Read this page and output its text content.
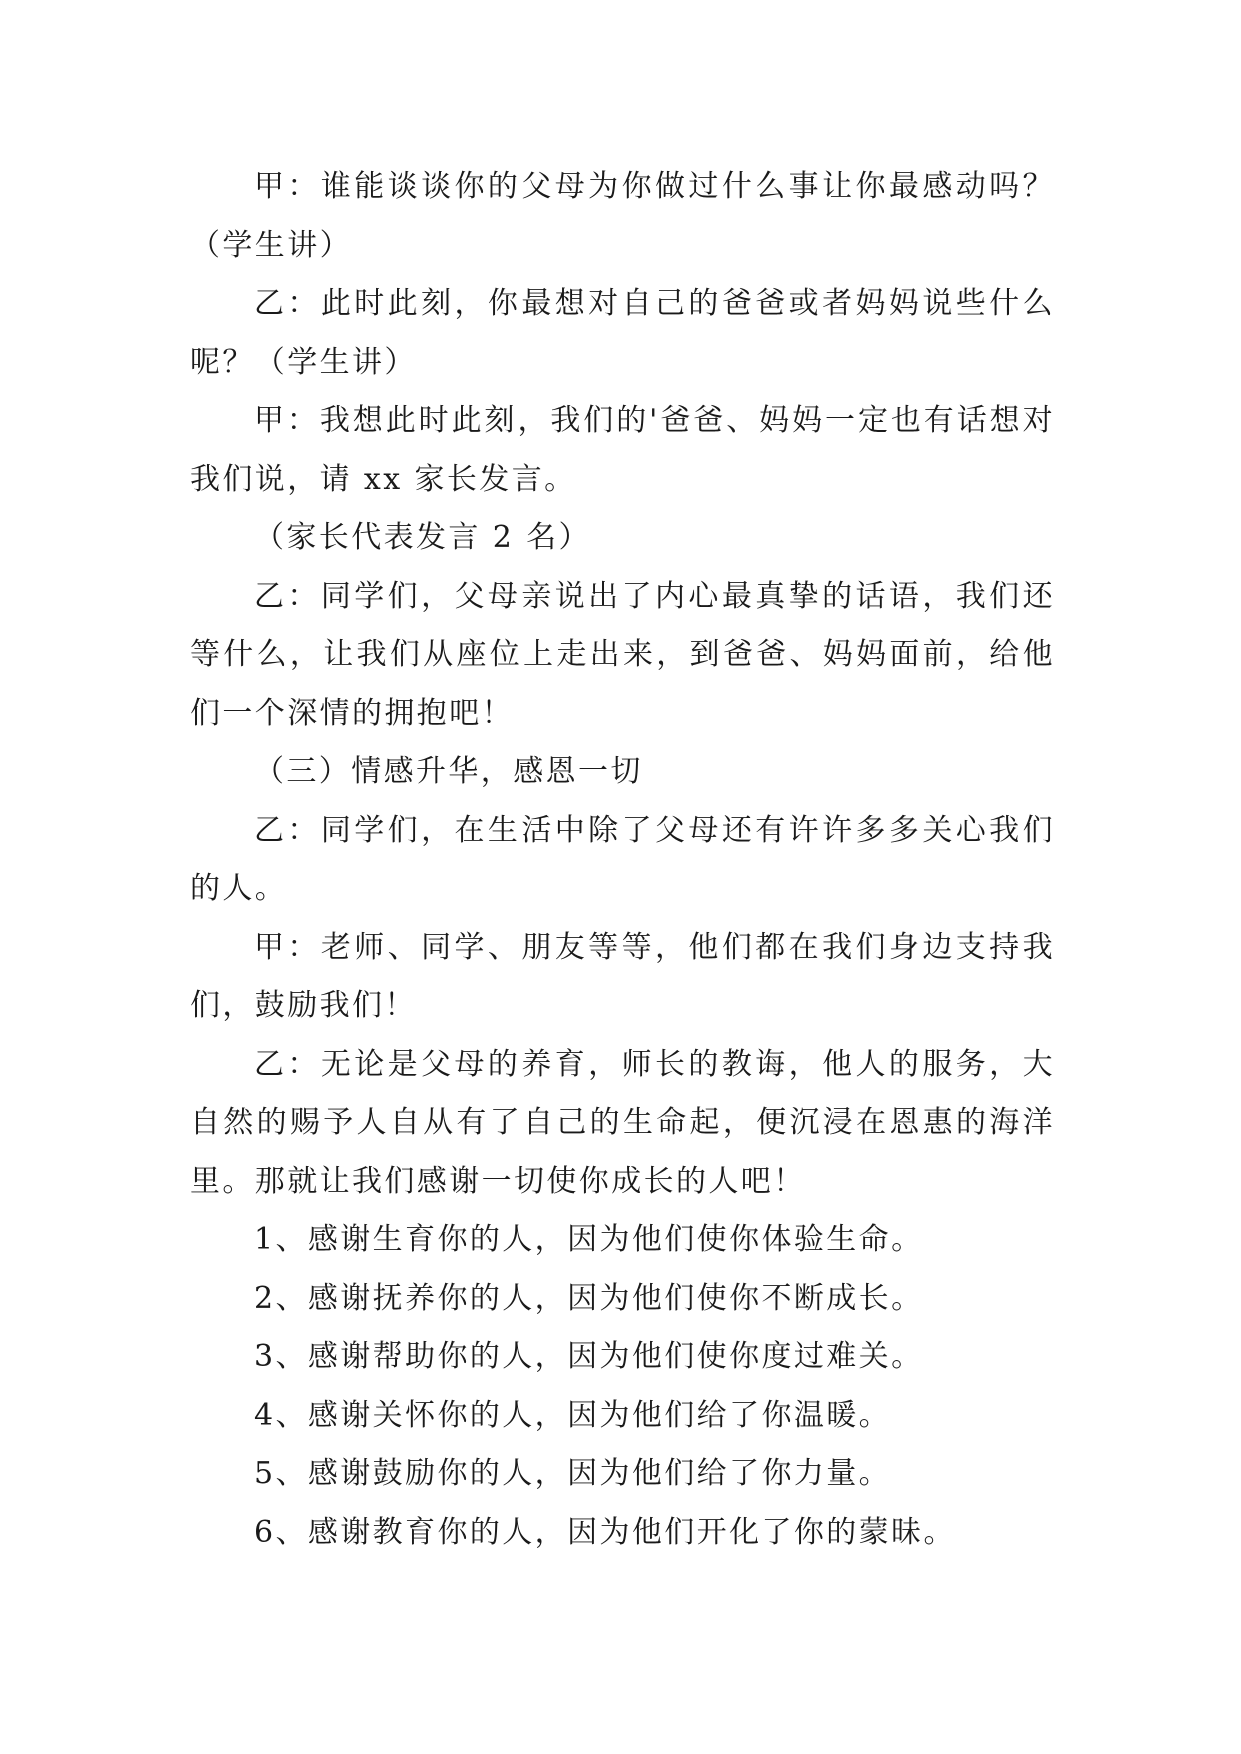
甲：谁能谈谈你的父母为你做过什么事让你最感动吗？（学生讲）

乙：此时此刻，你最想对自己的爸爸或者妈妈说些什么呢？（学生讲）

甲：我想此时此刻，我们的'爸爸、妈妈一定也有话想对我们说，请 xx 家长发言。

（家长代表发言 2 名）

乙：同学们，父母亲说出了内心最真挚的话语，我们还等什么，让我们从座位上走出来，到爸爸、妈妈面前，给他们一个深情的拥抱吧！

（三）情感升华，感恩一切

乙：同学们，在生活中除了父母还有许许多多关心我们的人。

甲：老师、同学、朋友等等，他们都在我们身边支持我们，鼓励我们！

乙：无论是父母的养育，师长的教诲，他人的服务，大自然的赐予人自从有了自己的生命起，便沉浸在恩惠的海洋里。那就让我们感谢一切使你成长的人吧！

1、感谢生育你的人，因为他们使你体验生命。

2、感谢抚养你的人，因为他们使你不断成长。

3、感谢帮助你的人，因为他们使你度过难关。

4、感谢关怀你的人，因为他们给了你温暖。

5、感谢鼓励你的人，因为他们给了你力量。

6、感谢教育你的人，因为他们开化了你的蒙昧。
